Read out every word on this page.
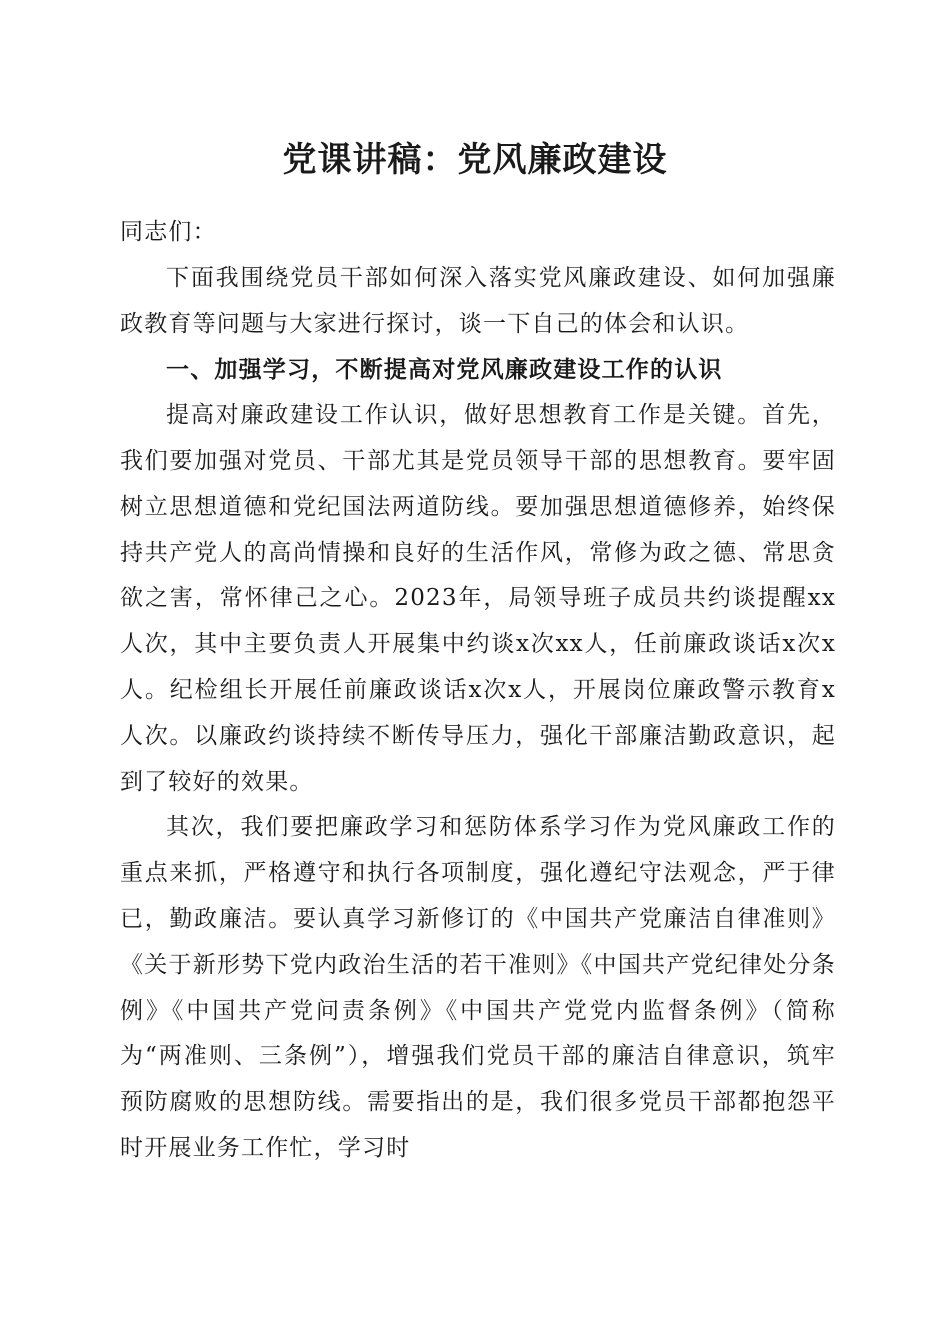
党课讲稿：党风廉政建设

同志们：

下面我围绕党员干部如何深入落实党风廉政建设、如何加强廉政教育等问题与大家进行探讨，谈一下自己的体会和认识。

一、加强学习，不断提高对党风廉政建设工作的认识

提高对廉政建设工作认识，做好思想教育工作是关键。首先，我们要加强对党员、干部尤其是党员领导干部的思想教育。要牢固树立思想道德和党纪国法两道防线。要加强思想道德修养，始终保持共产党人的高尚情操和良好的生活作风，常修为政之德、常思贪欲之害，常怀律己之心。2023年，局领导班子成员共约谈提醒xx人次，其中主要负责人开展集中约谈x次xx人，任前廉政谈话x次x人。纪检组长开展任前廉政谈话x次x人，开展岗位廉政警示教育x人次。以廉政约谈持续不断传导压力，强化干部廉洁勤政意识，起到了较好的效果。

其次，我们要把廉政学习和惩防体系学习作为党风廉政工作的重点来抓，严格遵守和执行各项制度，强化遵纪守法观念，严于律已，勤政廉洁。要认真学习新修订的《中国共产党廉洁自律准则》《关于新形势下党内政治生活的若干准则》《中国共产党纪律处分条例》《中国共产党问责条例》《中国共产党党内监督条例》（简称为“两准则、三条例”），增强我们党员干部的廉洁自律意识，筑牢预防腐败的思想防线。需要指出的是，我们很多党员干部都抱怨平时开展业务工作忙，学习时
